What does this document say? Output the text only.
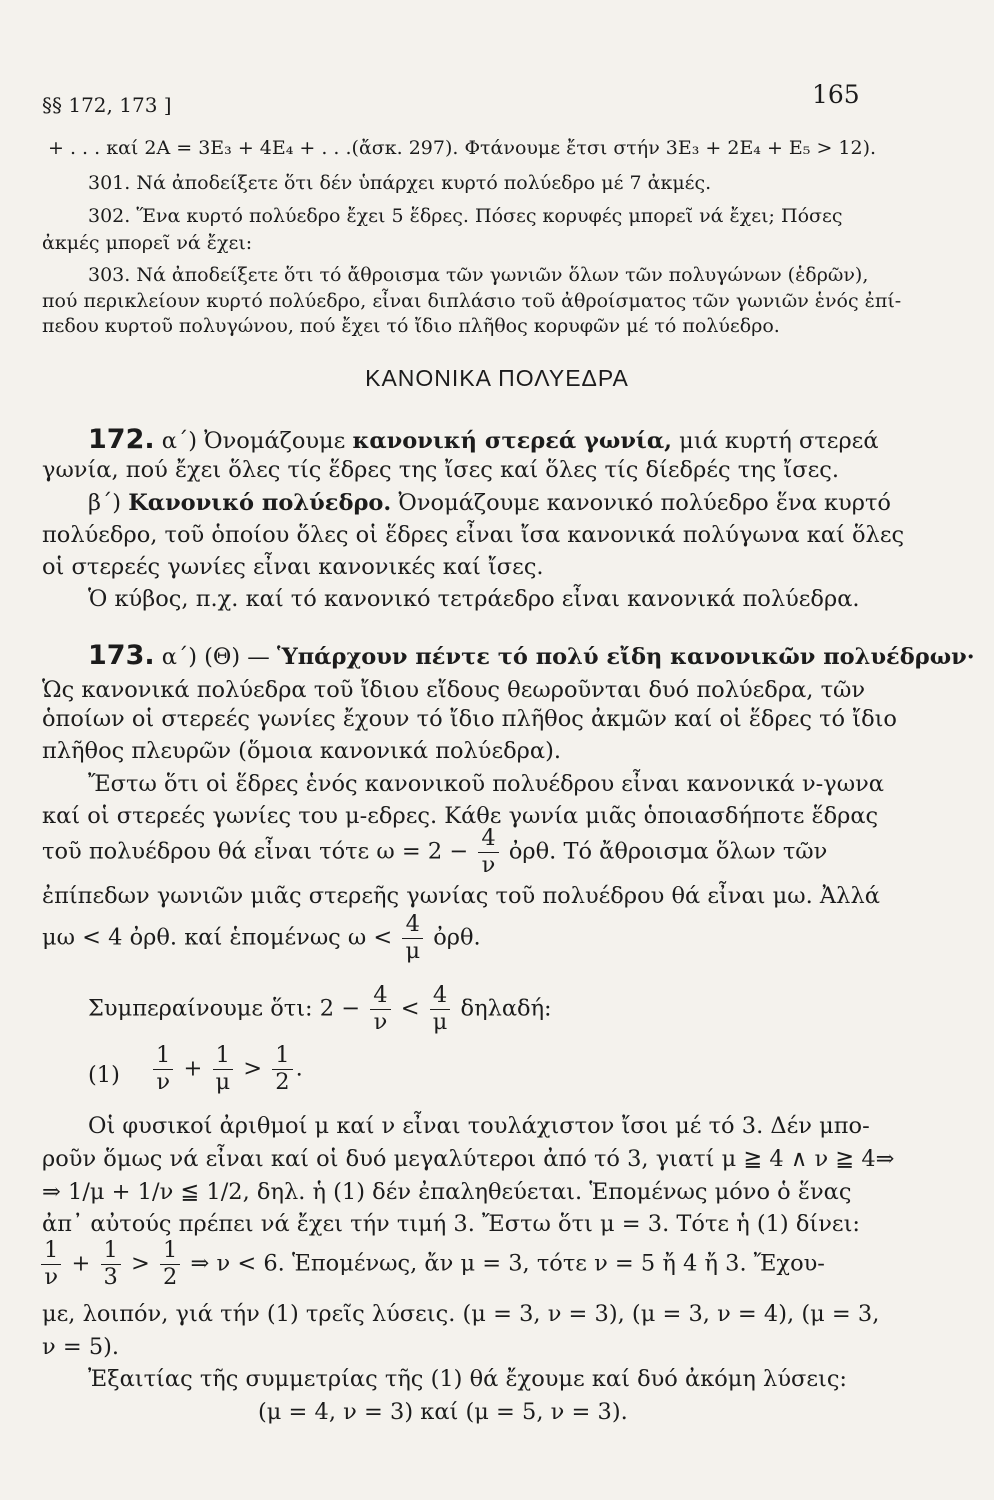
§§ 172, 173 ]	165
+ . . . καί 2Α = 3Ε₃ + 4Ε₄ + . . .(ἄσκ. 297). Φτάνουμε ἔτσι στήν 3Ε₃ + 2Ε₄ + Ε₅ > 12).
301. Νά ἀποδείξετε ὅτι δέν ὑπάρχει κυρτό πολύεδρο μέ 7 ἀκμές.
302. Ἕνα κυρτό πολύεδρο ἔχει 5 ἕδρες. Πόσες κορυφές μπορεῖ νά ἔχει; Πόσες
ἀκμές μπορεῖ νά ἔχει:
303. Νά ἀποδείξετε ὅτι τό ἄθροισμα τῶν γωνιῶν ὅλων τῶν πολυγώνων (ἑδρῶν),
πού περικλείουν κυρτό πολύεδρο, εἶναι διπλάσιο τοῦ ἀθροίσματος τῶν γωνιῶν ἑνός ἐπί-
πεδου κυρτοῦ πολυγώνου, πού ἔχει τό ἴδιο πλῆθος κορυφῶν μέ τό πολύεδρο.
ΚΑΝΟΝΙΚΑ ΠΟΛΥΕΔΡΑ
172. α΄) Ὀνομάζουμε κανονική στερεά γωνία, μιά κυρτή στερεά
γωνία, πού ἔχει ὅλες τίς ἕδρες της ἴσες καί ὅλες τίς δίεδρές της ἴσες.
β΄) Κανονικό πολύεδρο. Ὀνομάζουμε κανονικό πολύεδρο ἕνα κυρτό
πολύεδρο, τοῦ ὁποίου ὅλες οἱ ἕδρες εἶναι ἴσα κανονικά πολύγωνα καί ὅλες
οἱ στερεές γωνίες εἶναι κανονικές καί ἴσες.
Ὁ κύβος, π.χ. καί τό κανονικό τετράεδρο εἶναι κανονικά πολύεδρα.
173. α΄) (Θ) — Ὑπάρχουν πέντε τό πολύ εἴδη κανονικῶν πολυέδρων·
Ὡς κανονικά πολύεδρα τοῦ ἴδιου εἴδους θεωροῦνται δυό πολύεδρα, τῶν
ὁποίων οἱ στερεές γωνίες ἔχουν τό ἴδιο πλῆθος ἀκμῶν καί οἱ ἕδρες τό ἴδιο
πλῆθος πλευρῶν (ὅμοια κανονικά πολύεδρα).
Ἔστω ὅτι οἱ ἕδρες ἑνός κανονικοῦ πολυέδρου εἶναι κανονικά ν-γωνα
καί οἱ στερεές γωνίες του μ-εδρες. Κάθε γωνία μιᾶς ὁποιασδήποτε ἕδρας
τοῦ πολυέδρου θά εἶναι τότε $\omega = 2 - \frac{4}{\nu}$ ὀρθ. Τό ἄθροισμα ὅλων τῶν
ἐπίπεδων γωνιῶν μιᾶς στερεῆς γωνίας τοῦ πολυέδρου θά εἶναι μω. Ἀλλά
μω < 4 ὀρθ. καί ἑπομένως $\omega < \frac{4}{\mu}$ ὀρθ.
Συμπεραίνουμε ὅτι: $2 - \frac{4}{\nu} < \frac{4}{\mu} \delta\eta\lambda\alpha\delta ή$:
$(1) \frac{1}{\nu} + \frac{1}{\mu} > \frac{1}{2}$ .
Οἱ φυσικοί ἀριθμοί μ καί ν εἶναι τουλάχιστον ἴσοι μέ τό 3. Δέν μπο-
ροῦν ὅμως νά εἶναι καί οἱ δυό μεγαλύτεροι ἀπό τό 3, γιατί μ ≧ 4 ∧ ν ≧ 4⇒
⇒ 1/μ + 1/ν ≦ 1/2, δηλ. ἡ (1) δέν ἐπαληθεύεται. Ἑπομένως μόνο ὁ ἕνας
ἀπ᾽ αὐτούς πρέπει νά ἔχει τήν τιμή 3. Ἔστω ὅτι μ = 3. Τότε ἡ (1) δίνει:
$\frac{1}{\nu} + \frac{1}{3} > \frac{1}{2}$ ⇒ ν < 6. Ἑπομένως, ἄν μ = 3, τότε ν = 5 ἤ 4 ἤ 3. Ἔχου-
με, λοιπόν, γιά τήν (1) τρεῖς λύσεις. (μ = 3, ν = 3), (μ = 3, ν = 4), (μ = 3,
ν = 5).
Ἐξαιτίας τῆς συμμετρίας τῆς (1) θά ἔχουμε καί δυό ἀκόμη λύσεις:
(μ = 4, ν = 3) καί (μ = 5, ν = 3).
